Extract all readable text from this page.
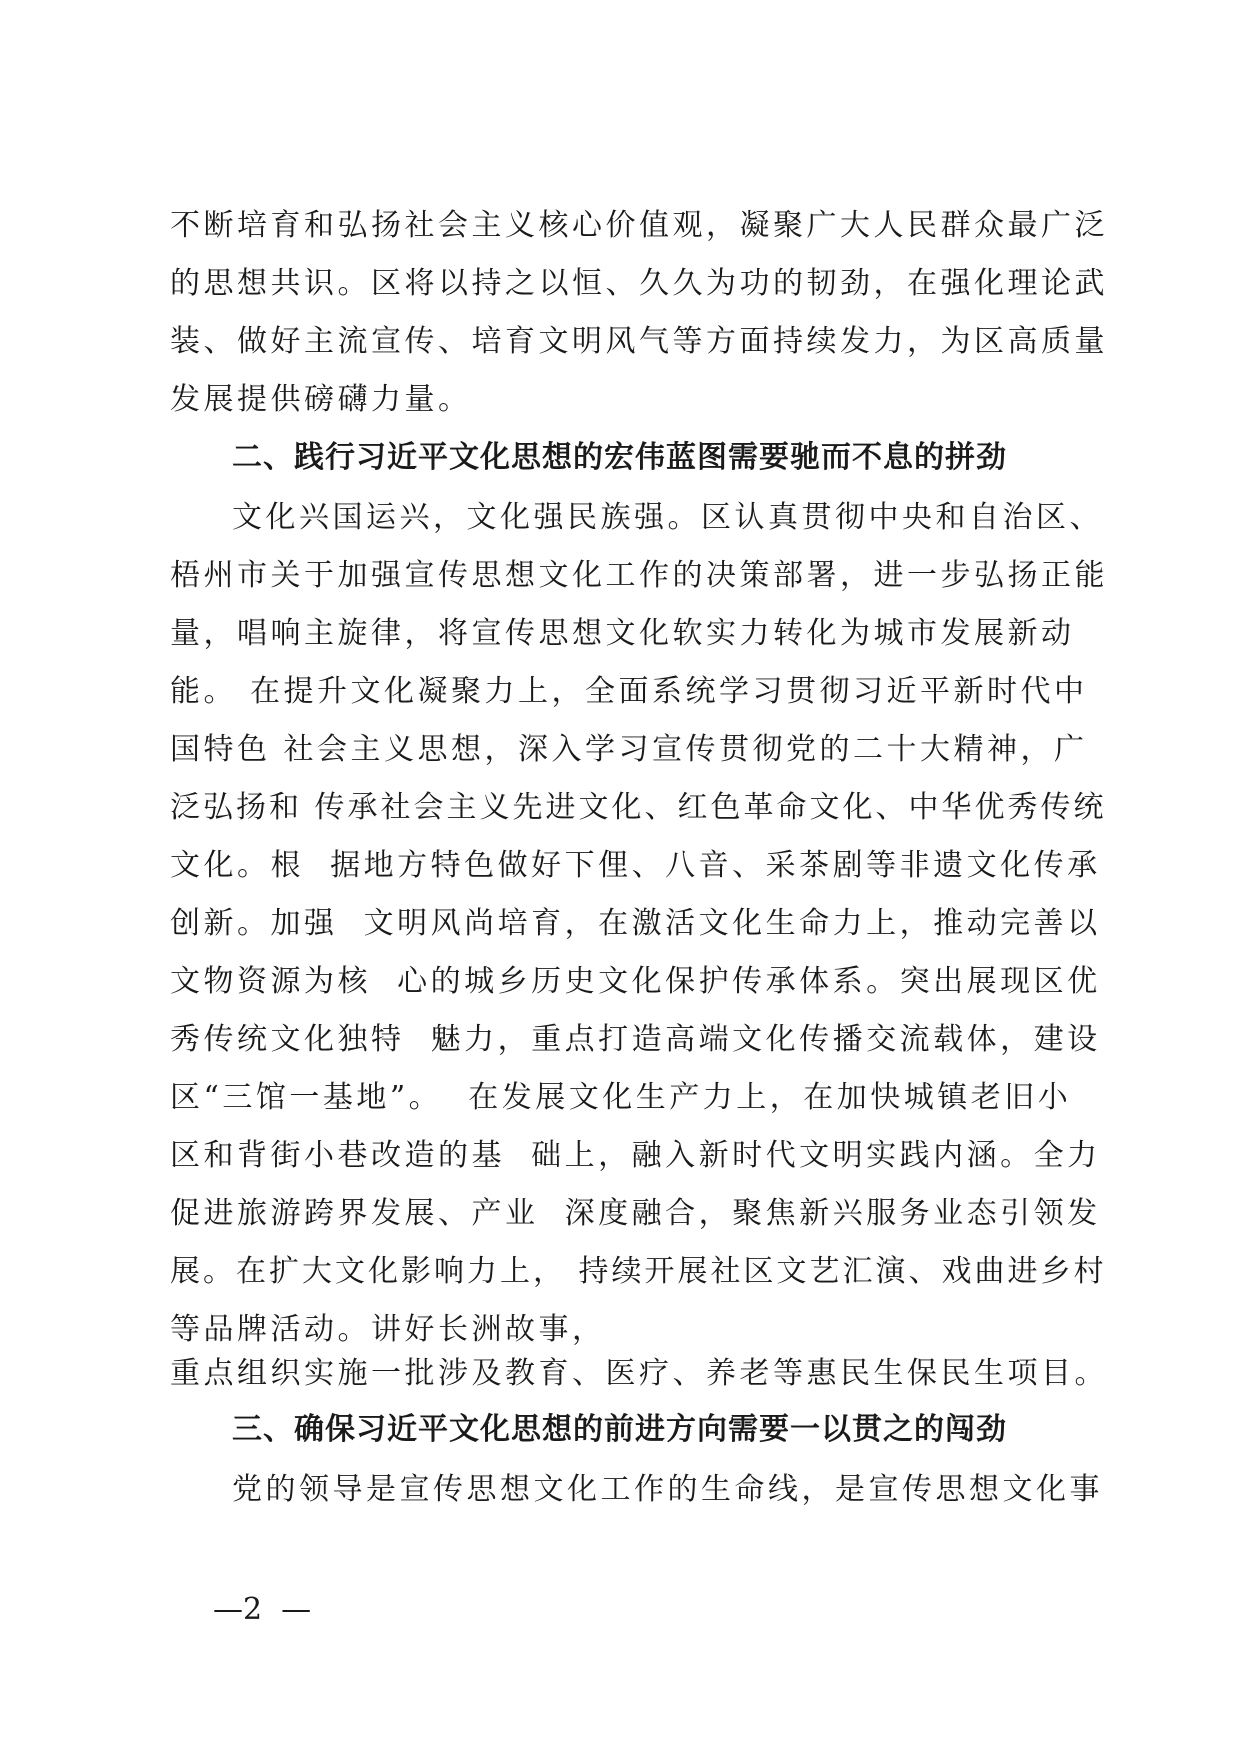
不断培育和弘扬社会主义核心价值观，凝聚广大人民群众最广泛
的思想共识。区将以持之以恒、久久为功的韧劲，在强化理论武
装、做好主流宣传、培育文明风气等方面持续发力，为区高质量
发展提供磅礴力量。
二、践行习近平文化思想的宏伟蓝图需要驰而不息的拼劲
文化兴国运兴，文化强民族强。区认真贯彻中央和自治区、
梧州市关于加强宣传思想文化工作的决策部署，进一步弘扬正能
量，唱响主旋律，将宣传思想文化软实力转化为城市发展新动
能。 在提升文化凝聚力上，全面系统学习贯彻习近平新时代中
国特色 社会主义思想，深入学习宣传贯彻党的二十大精神，广
泛弘扬和 传承社会主义先进文化、红色革命文化、中华优秀传统
文化。根  据地方特色做好下俚、八音、采茶剧等非遗文化传承
创新。加强  文明风尚培育，在激活文化生命力上，推动完善以
文物资源为核  心的城乡历史文化保护传承体系。突出展现区优
秀传统文化独特  魅力，重点打造高端文化传播交流载体，建设
区“三馆一基地”。  在发展文化生产力上，在加快城镇老旧小
区和背街小巷改造的基  础上，融入新时代文明实践内涵。全力
促进旅游跨界发展、产业  深度融合，聚焦新兴服务业态引领发
展。在扩大文化影响力上， 持续开展社区文艺汇演、戏曲进乡村
等品牌活动。讲好长洲故事，
重点组织实施一批涉及教育、医疗、养老等惠民生保民生项目。
三、确保习近平文化思想的前进方向需要一以贯之的闯劲
党的领导是宣传思想文化工作的生命线，是宣传思想文化事
—2  —
